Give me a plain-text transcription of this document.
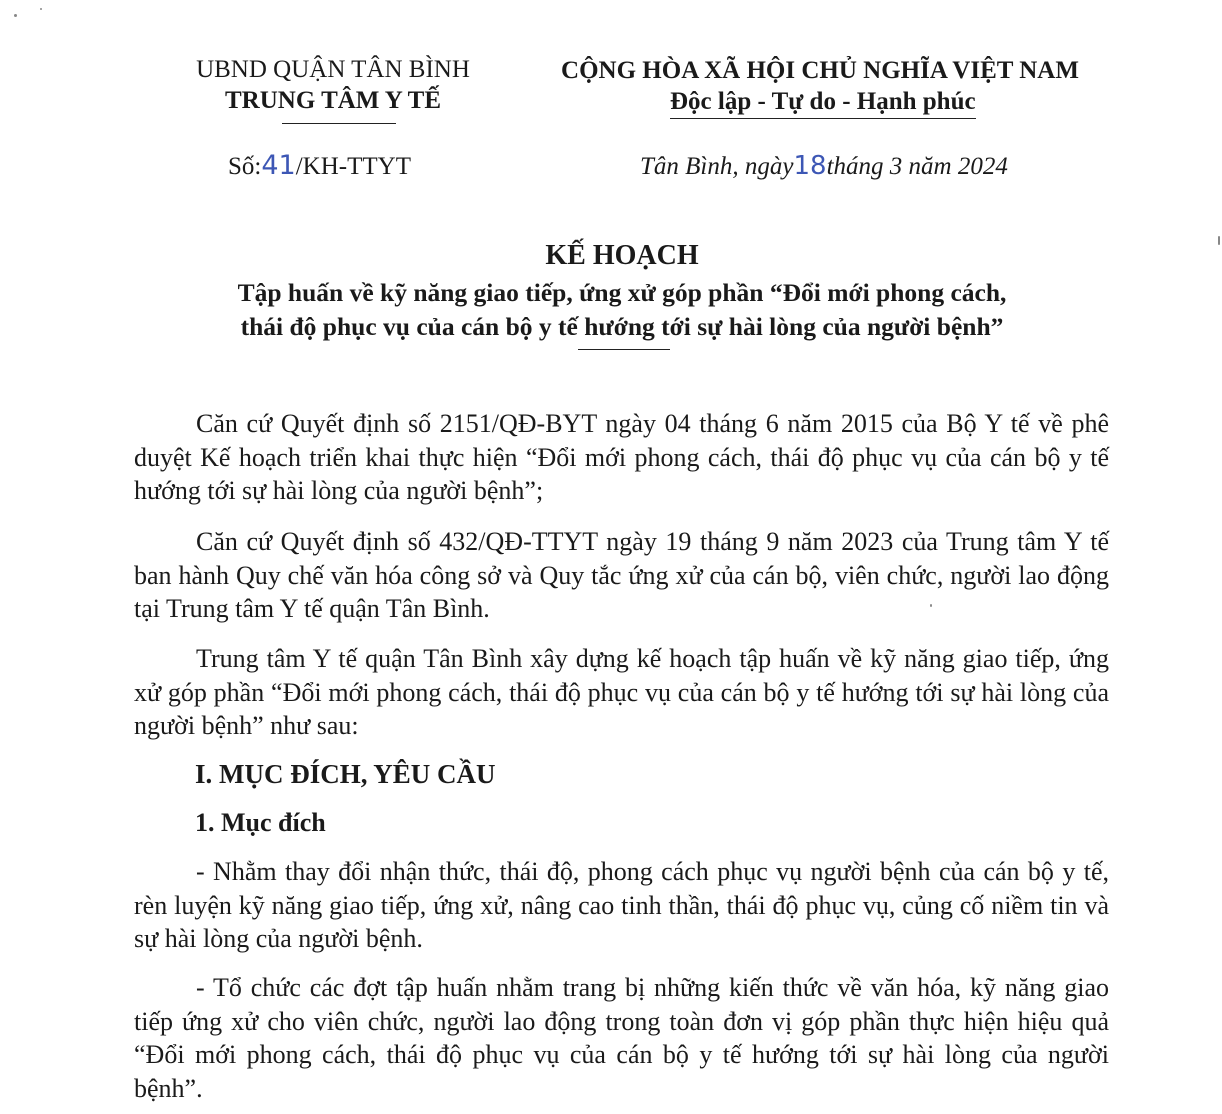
UBND QUẬN TÂN BÌNH
TRUNG TÂM Y TẾ
CỘNG HÒA XÃ HỘI CHỦ NGHĨA VIỆT NAM
Độc lập - Tự do - Hạnh phúc
Số:41/KH-TTYT	Tân Bình, ngày18tháng 3 năm 2024
KẾ HOẠCH
Tập huấn về kỹ năng giao tiếp, ứng xử góp phần “Đổi mới phong cách,
thái độ phục vụ của cán bộ y tế hướng tới sự hài lòng của người bệnh”
Căn cứ Quyết định số 2151/QĐ-BYT ngày 04 tháng 6 năm 2015 của Bộ Y tế về phê duyệt Kế hoạch triển khai thực hiện “Đổi mới phong cách, thái độ phục vụ của cán bộ y tế hướng tới sự hài lòng của người bệnh”;
Căn cứ Quyết định số 432/QĐ-TTYT ngày 19 tháng 9 năm 2023 của Trung tâm Y tế ban hành Quy chế văn hóa công sở và Quy tắc ứng xử của cán bộ, viên chức, người lao động tại Trung tâm Y tế quận Tân Bình.
Trung tâm Y tế quận Tân Bình xây dựng kế hoạch tập huấn về kỹ năng giao tiếp, ứng xử góp phần “Đổi mới phong cách, thái độ phục vụ của cán bộ y tế hướng tới sự hài lòng của người bệnh” như sau:
I. MỤC ĐÍCH, YÊU CẦU
1. Mục đích
- Nhằm thay đổi nhận thức, thái độ, phong cách phục vụ người bệnh của cán bộ y tế, rèn luyện kỹ năng giao tiếp, ứng xử, nâng cao tinh thần, thái độ phục vụ, củng cố niềm tin và sự hài lòng của người bệnh.
- Tổ chức các đợt tập huấn nhằm trang bị những kiến thức về văn hóa, kỹ năng giao tiếp ứng xử cho viên chức, người lao động trong toàn đơn vị góp phần thực hiện hiệu quả “Đổi mới phong cách, thái độ phục vụ của cán bộ y tế hướng tới sự hài lòng của người bệnh”.
